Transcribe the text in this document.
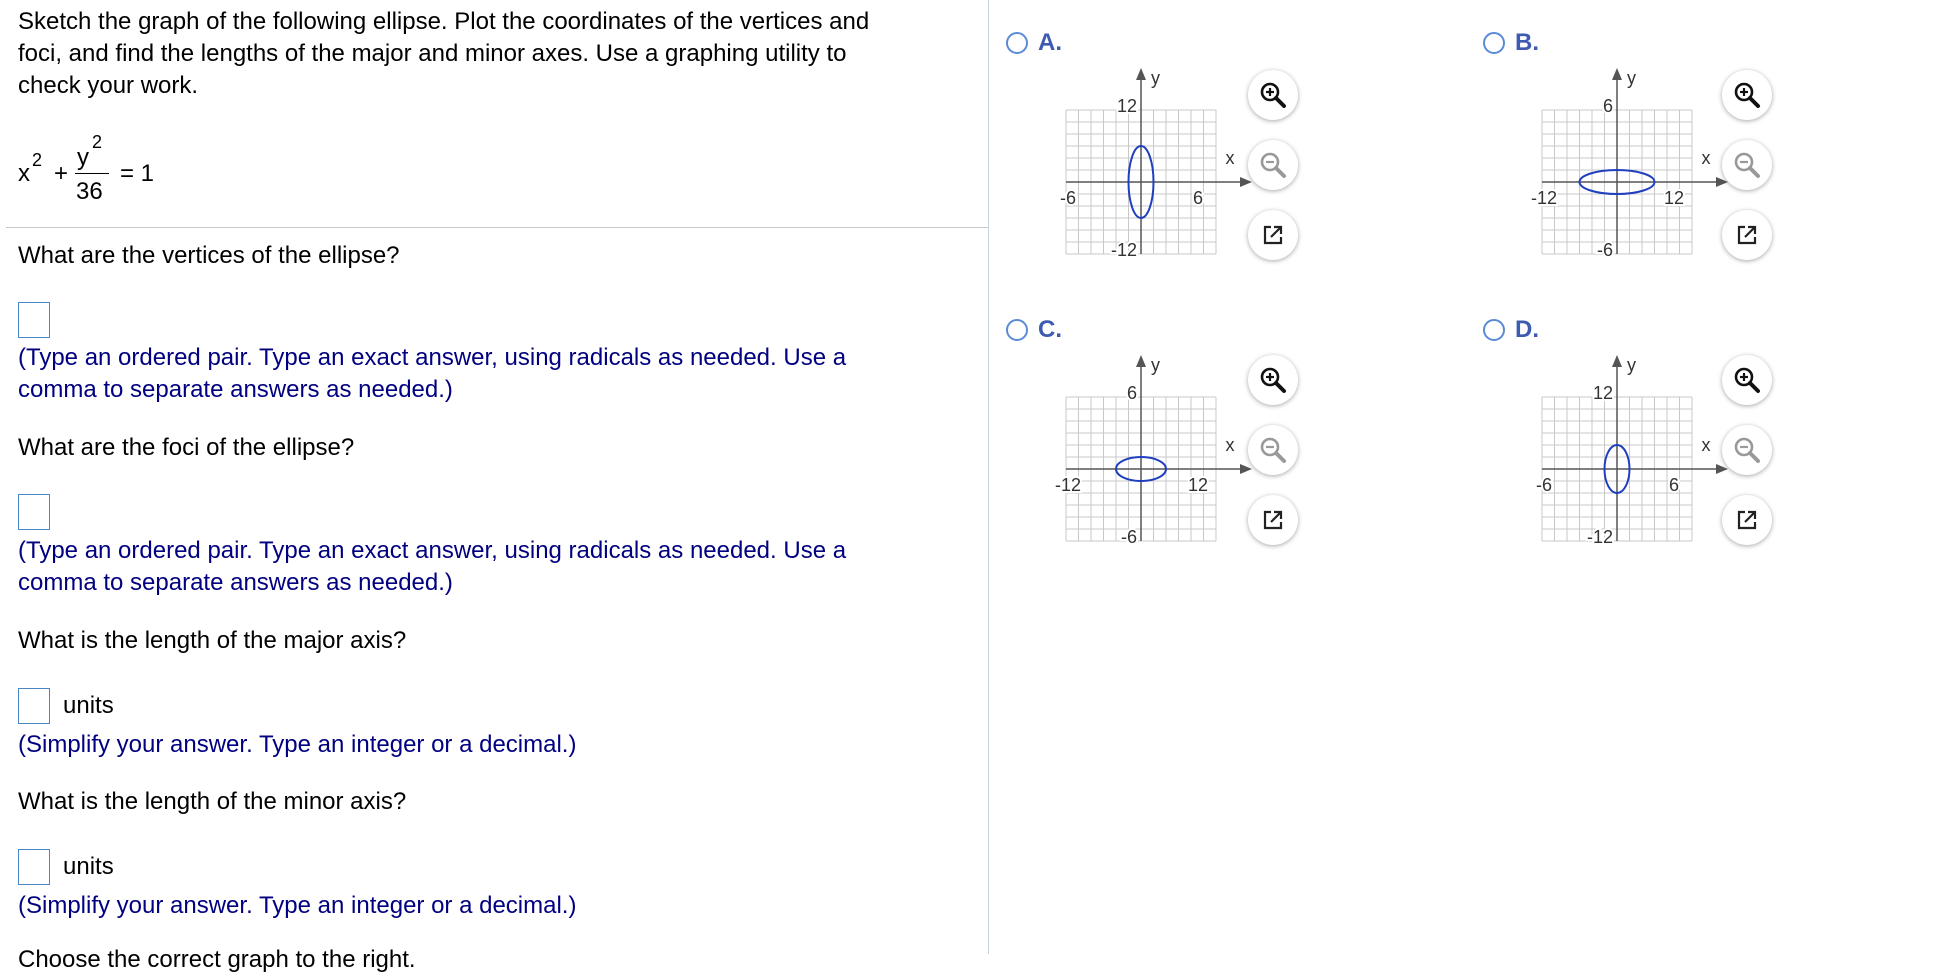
Sketch the graph of the following ellipse. Plot the coordinates of the vertices and

foci, and find the lengths of the major and minor axes. Use a graphing utility to

check your work.

x 2 +
y
2
36
= 1

What are the vertices of the ellipse?

(Type an ordered pair. Type an exact answer, using radicals as needed. Use a

comma to separate answers as needed.)

What are the foci of the ellipse?

(Type an ordered pair. Type an exact answer, using radicals as needed. Use a

comma to separate answers as needed.)

What is the length of the major axis?

units

(Simplify your answer. Type an integer or a decimal.)

What is the length of the minor axis?

units

(Simplify your answer. Type an integer or a decimal.)

Choose the correct graph to the right.

A.
y
x
12
-12
-6	6
B.
y
x
6
-6
-12	12
C.
y
x
6
-6
-12	12
D.
y
x
12
-12
-6	6
